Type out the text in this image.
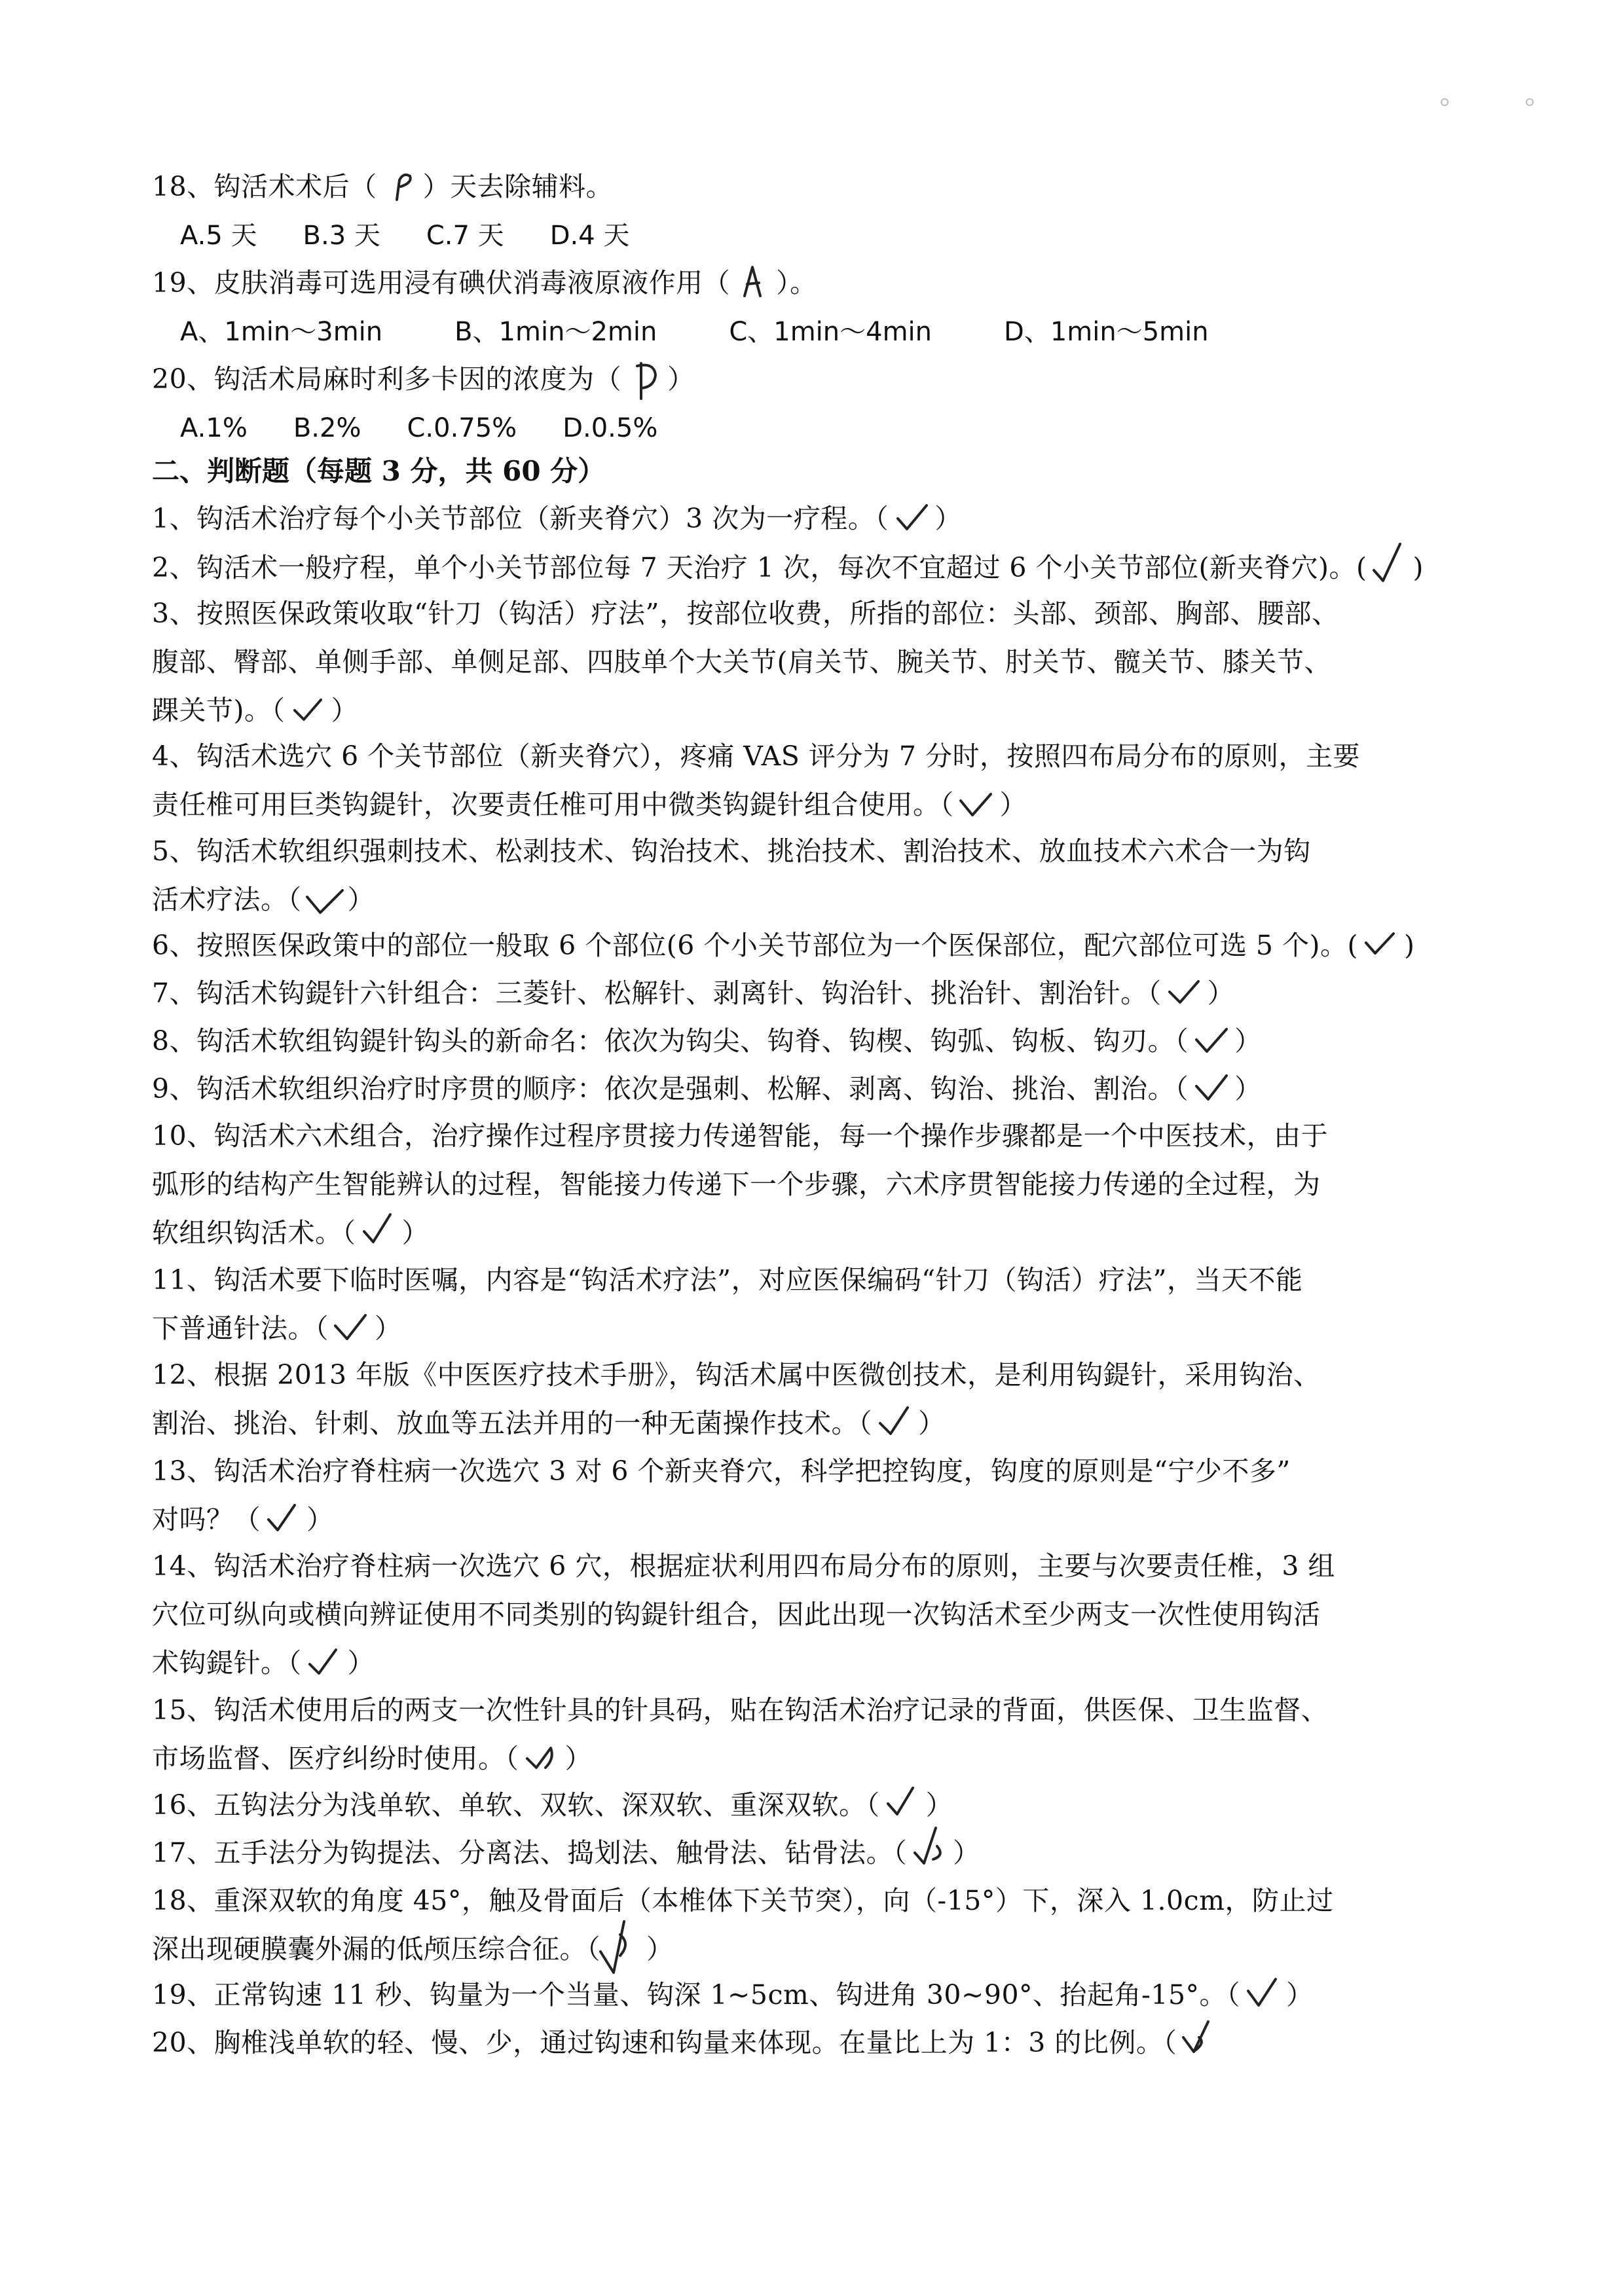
18、钩活术术后（ ）天去除辅料。
A.5 天 B.3 天 C.7 天 D.4 天
19、皮肤消毒可选用浸有碘伏消毒液原液作用（ ）。
A、1min～3min	B、1min～2min	C、1min～4min	D、1min～5min
20、钩活术局麻时利多卡因的浓度为（ ）
A.1% B.2% C.0.75% D.0.5%
二、判断题（每题 3 分，共 60 分）
1、钩活术治疗每个小关节部位（新夹脊穴）3 次为一疗程。（ ）
2、钩活术一般疗程，单个小关节部位每 7 天治疗 1 次，每次不宜超过 6 个小关节部位(新夹脊穴)。( )
3、按照医保政策收取“针刀（钩活）疗法”，按部位收费，所指的部位：头部、颈部、胸部、腰部、
腹部、臀部、单侧手部、单侧足部、四肢单个大关节(肩关节、腕关节、肘关节、髋关节、膝关节、
踝关节)。（ ）
4、钩活术选穴 6 个关节部位（新夹脊穴），疼痛 VAS 评分为 7 分时，按照四布局分布的原则，主要
责任椎可用巨类钩鍉针，次要责任椎可用中微类钩鍉针组合使用。（ ）
5、钩活术软组织强刺技术、松剥技术、钩治技术、挑治技术、割治技术、放血技术六术合一为钩
活术疗法。（ ）
6、按照医保政策中的部位一般取 6 个部位(6 个小关节部位为一个医保部位，配穴部位可选 5 个)。( )
7、钩活术钩鍉针六针组合：三菱针、松解针、剥离针、钩治针、挑治针、割治针。（ ）
8、钩活术软组钩鍉针钩头的新命名：依次为钩尖、钩脊、钩楔、钩弧、钩板、钩刃。（ ）
9、钩活术软组织治疗时序贯的顺序：依次是强刺、松解、剥离、钩治、挑治、割治。（ ）
10、钩活术六术组合，治疗操作过程序贯接力传递智能，每一个操作步骤都是一个中医技术，由于
弧形的结构产生智能辨认的过程，智能接力传递下一个步骤，六术序贯智能接力传递的全过程，为
软组织钩活术。（ ）
11、钩活术要下临时医嘱，内容是“钩活术疗法”，对应医保编码“针刀（钩活）疗法”，当天不能
下普通针法。（ ）
12、根据 2013 年版《中医医疗技术手册》，钩活术属中医微创技术，是利用钩鍉针，采用钩治、
割治、挑治、针刺、放血等五法并用的一种无菌操作技术。（ ）
13、钩活术治疗脊柱病一次选穴 3 对 6 个新夹脊穴，科学把控钩度，钩度的原则是“宁少不多”
对吗？（ ）
14、钩活术治疗脊柱病一次选穴 6 穴，根据症状利用四布局分布的原则，主要与次要责任椎，3 组
穴位可纵向或横向辨证使用不同类别的钩鍉针组合，因此出现一次钩活术至少两支一次性使用钩活
术钩鍉针。（ ）
15、钩活术使用后的两支一次性针具的针具码，贴在钩活术治疗记录的背面，供医保、卫生监督、
市场监督、医疗纠纷时使用。（ ）
16、五钩法分为浅单软、单软、双软、深双软、重深双软。（ ）
17、五手法分为钩提法、分离法、捣划法、触骨法、钻骨法。（ ）
18、重深双软的角度 45°，触及骨面后（本椎体下关节突），向（-15°）下，深入 1.0cm，防止过
深出现硬膜囊外漏的低颅压综合征。（ ）
19、正常钩速 11 秒、钩量为一个当量、钩深 1~5cm、钩进角 30~90°、抬起角-15°。（ ）
20、胸椎浅单软的轻、慢、少，通过钩速和钩量来体现。在量比上为 1：3 的比例。（
